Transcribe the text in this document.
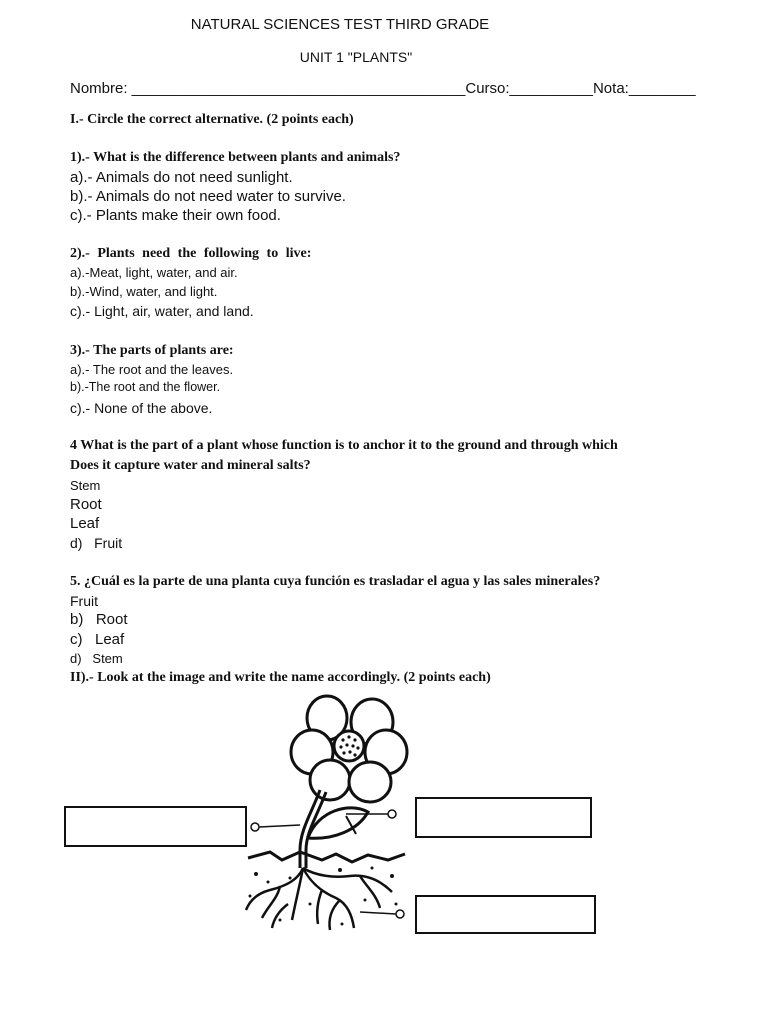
NATURAL SCIENCES TEST THIRD GRADE
UNIT 1 "PLANTS"
Nombre: ________________________________________Curso:__________Nota:________
I.- Circle the correct alternative. (2 points each)
1).- What is the difference between plants and animals?
a).- Animals do not need sunlight.
b).- Animals do not need water to survive.
c).- Plants make their own food.
2).- Plants need the following to live:
a).-Meat, light, water, and air.
b).-Wind, water, and light.
c).- Light, air, water, and land.
3).- The parts of plants are:
a).- The root and the leaves.
b).-The root and the flower.
c).- None of the above.
4 What is the part of a plant whose function is to anchor it to the ground and through which
Does it capture water and mineral salts?
Stem
Root
Leaf
d)   Fruit
5. ¿Cuál es la parte de una planta cuya función es trasladar el agua y las sales minerales?
Fruit
b)   Root
c)   Leaf
d)   Stem
II).- Look at the image and write the name accordingly. (2 points each)
